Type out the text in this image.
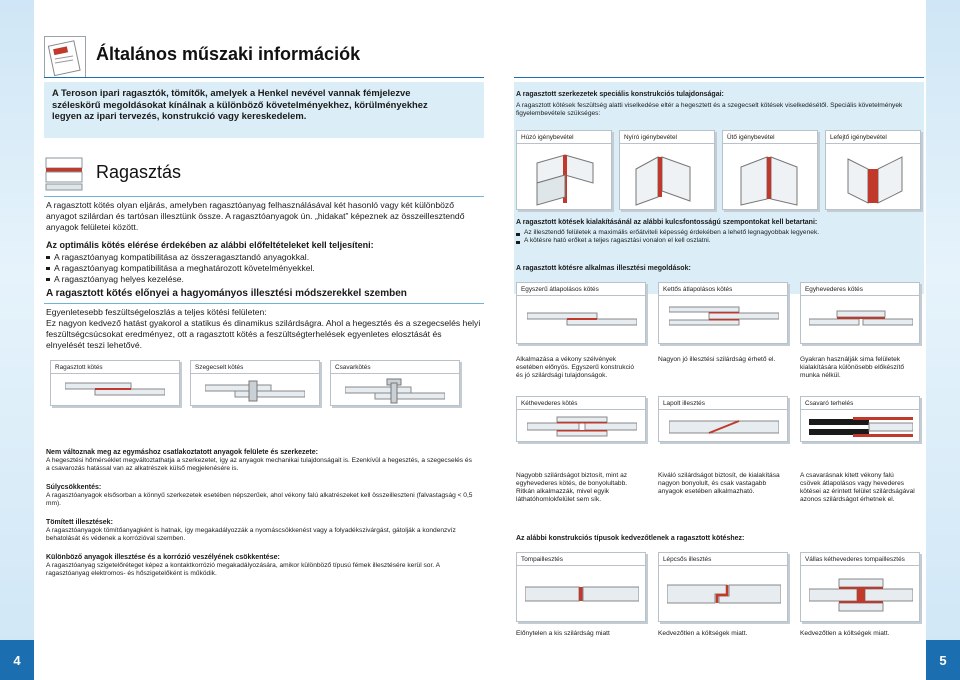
4	5
Általános műszaki információk
A Teroson ipari ragasztók, tömítők, amelyek a Henkel nevével vannak fémjelezve széleskörű megoldásokat kínálnak a különböző követelményekhez, körülményekhez legyen az ipari tervezés, konstrukció vagy kereskedelem.
Ragasztás
A ragasztott kötés olyan eljárás, amelyben ragasztóanyag felhasználásával két hasonló vagy két különböző anyagot szilárdan és tartósan illesztünk össze. A ragasztóanyagok ún. „hidakat” képeznek az összeillesztendő anyagok felületei között.
Az optimális kötés elérése érdekében az alábbi előfeltételeket kell teljesíteni:
A ragasztóanyag kompatibilitása az összeragasztandó anyagokkal.
A ragasztóanyag kompatibilitása a meghatározott követelményekkel.
A ragasztóanyag helyes kezelése.
A ragasztott kötés előnyei a hagyományos illesztési módszerekkel szemben
Egyenletesebb feszültségeloszlás a teljes kötési felületen:
Ez nagyon kedvező hatást gyakorol a statikus és dinamikus szilárdságra. Ahol a hegesztés és a szegecselés helyi feszültségcsúcsokat eredményez, ott a ragasztott kötés a feszültségterhelések egyenletes elosztását és elnyelését teszi lehetővé.
Ragasztott kötés	Szegecselt kötés	Csavarkötés
Nem változnak meg az egymáshoz csatlakoztatott anyagok felülete és szerkezete:
A hegesztési hőmérséklet megváltoztathatja a szerkezetet, így az anyagok mechanikai tulajdonságait is. Ezenkívül a hegesztés, a szegecselés és a csavarozás hatással van az alkatrészek külső megjelenésére is.
Súlycsökkentés:
A ragasztóanyagok elsősorban a könnyű szerkezetek esetében népszerűek, ahol vékony falú alkatrészeket kell összeilleszteni (falvastagság < 0,5 mm).
Tömített illesztések:
A ragasztóanyagok tömítőanyagként is hatnak, így megakadályozzák a nyomáscsökkenést vagy a folyadékszivárgást, gátolják a kondenzvíz behatolását és védenek a korrózióval szemben.
Különböző anyagok illesztése és a korrózió veszélyének csökkentése:
A ragasztóanyag szigetelőréteget képez a kontaktkorrózió megakadályozására, amikor különböző típusú fémek illesztésére kerül sor. A ragasztóanyag elektromos- és hőszigetelőként is működik.
A ragasztott szerkezetek speciális konstrukciós tulajdonságai:
A ragasztott kötések feszültség alatti viselkedése eltér a hegesztett és a szegecselt kötések viselkedésétől. Speciális követelmények figyelembevétele szükséges:
Húzó igénybevétel	Nyíró igénybevétel	Ütő igénybevétel	Lefejtő igénybevétel
A ragasztott kötések kialakításánál az alábbi kulcsfontosságú szempontokat kell betartani:
Az illesztendő felületek a maximális erőátviteli képesség érdekében a lehető legnagyobbak legyenek.
A kötésre ható erőket a teljes ragasztási vonalon el kell oszlatni.
A ragasztott kötésre alkalmas illesztési megoldások:
Egyszerű átlapolásos kötés	Kettős átlapolásos kötés	Egyhevederes kötés
Alkalmazása a vékony szélvények esetében előnyös. Egyszerű konstrukció és jó szilárdsági tulajdonságok.
Nagyon jó illesztési szilárdság érhető el.	Gyakran használják sima felületek kialakítására különösebb előkészítő munka nélkül.
Kéthevederes kötés	Lapolt illesztés	Csavaró terhelés
Nagyobb szilárdságot biztosít, mint az egyhevederes kötés, de bonyolultabb. Ritkán alkalmazzák, mivel egyik láthatóhomlokfelület sem sík.
Kiváló szilárdságot biztosít, de kialakítása nagyon bonyolult, és csak vastagabb anyagok esetében alkalmazható.
A csavarásnak kitett vékony falú csövek átlapolásos vagy hevederes kötései az érintett felület szilárdságával azonos szilárdságot érhetnek el.
Az alábbi konstrukciós típusok kedvezőtlenek a ragasztott kötéshez:
Tompaillesztés	Lépcsős illesztés	Vállas kéthevederes tompaillesztés
Előnytelen a kis szilárdság miatt	Kedvezőtlen a költségek miatt.	Kedvezőtlen a költségek miatt.
